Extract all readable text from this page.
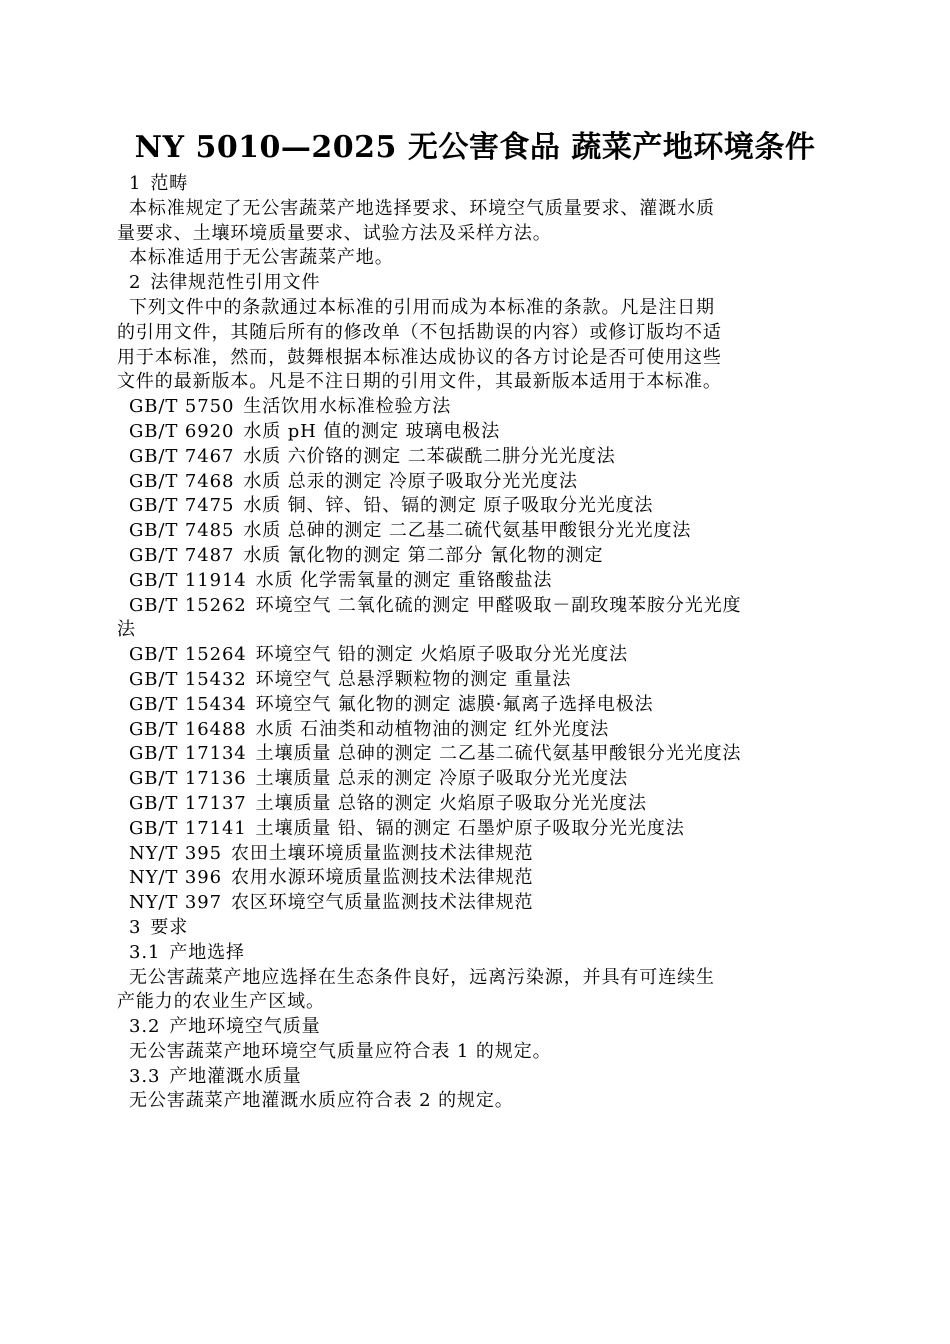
NY 5010—2025 无公害食品 蔬菜产地环境条件
1 范畴
本标准规定了无公害蔬菜产地选择要求、环境空气质量要求、灌溉水质
量要求、土壤环境质量要求、试验方法及采样方法。
本标准适用于无公害蔬菜产地。
2 法律规范性引用文件
下列文件中的条款通过本标准的引用而成为本标准的条款。凡是注日期
的引用文件，其随后所有的修改单（不包括勘误的内容）或修订版均不适
用于本标准，然而，鼓舞根据本标准达成协议的各方讨论是否可使用这些
文件的最新版本。凡是不注日期的引用文件，其最新版本适用于本标准。
GB/T 5750 生活饮用水标准检验方法
GB/T 6920 水质 pH 值的测定 玻璃电极法
GB/T 7467 水质 六价铬的测定 二苯碳酰二肼分光光度法
GB/T 7468 水质 总汞的测定 冷原子吸取分光光度法
GB/T 7475 水质 铜、锌、铅、镉的测定 原子吸取分光光度法
GB/T 7485 水质 总砷的测定 二乙基二硫代氨基甲酸银分光光度法
GB/T 7487 水质 氰化物的测定 第二部分 氰化物的测定
GB/T 11914 水质 化学需氧量的测定 重铬酸盐法
GB/T 15262 环境空气 二氧化硫的测定 甲醛吸取－副玫瑰苯胺分光光度
法
GB/T 15264 环境空气 铅的测定 火焰原子吸取分光光度法
GB/T 15432 环境空气 总悬浮颗粒物的测定 重量法
GB/T 15434 环境空气 氟化物的测定 滤膜·氟离子选择电极法
GB/T 16488 水质 石油类和动植物油的测定 红外光度法
GB/T 17134 土壤质量 总砷的测定 二乙基二硫代氨基甲酸银分光光度法
GB/T 17136 土壤质量 总汞的测定 冷原子吸取分光光度法
GB/T 17137 土壤质量 总铬的测定 火焰原子吸取分光光度法
GB/T 17141 土壤质量 铅、镉的测定 石墨炉原子吸取分光光度法
NY/T 395 农田土壤环境质量监测技术法律规范
NY/T 396 农用水源环境质量监测技术法律规范
NY/T 397 农区环境空气质量监测技术法律规范
3 要求
3.1 产地选择
无公害蔬菜产地应选择在生态条件良好，远离污染源，并具有可连续生
产能力的农业生产区域。
3.2 产地环境空气质量
无公害蔬菜产地环境空气质量应符合表 1 的规定。
3.3 产地灌溉水质量
无公害蔬菜产地灌溉水质应符合表 2 的规定。
